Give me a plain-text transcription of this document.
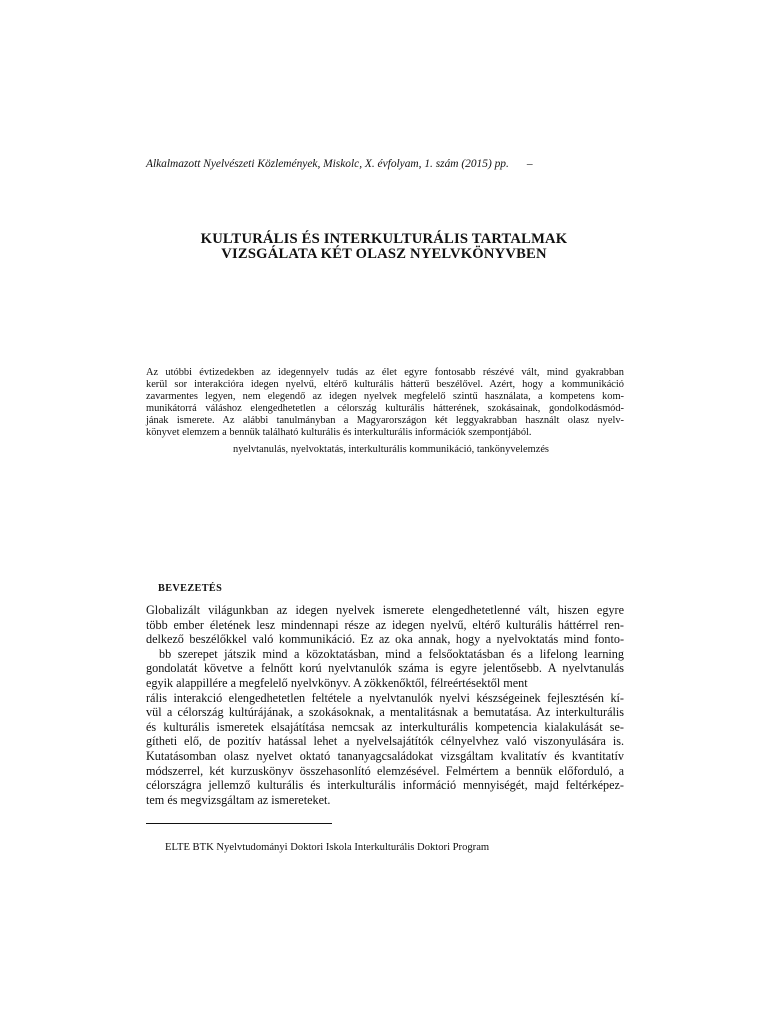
Alkalmazott Nyelvészeti Közlemények, Miskolc, X. évfolyam, 1. szám (2015) pp. –
KULTURÁLIS ÉS INTERKULTURÁLIS TARTALMAK
VIZSGÁLATA KÉT OLASZ NYELVKÖNYVBEN
Az utóbbi évtizedekben az idegennyelv tudás az élet egyre fontosabb részévé vált, mind gyakrabban
kerül sor interakcióra idegen nyelvű, eltérő kulturális hátterű beszélővel. Azért, hogy a kommunikáció
zavarmentes legyen, nem elegendő az idegen nyelvek megfelelő szintű használata, a kompetens kom-
munikátorrá váláshoz elengedhetetlen a célország kulturális hátterének, szokásainak, gondolkodásmód-
jának ismerete. Az alábbi tanulmányban a Magyarországon két leggyakrabban használt olasz nyelv-
könyvet elemzem a bennük található kulturális és interkulturális információk szempontjából.
nyelvtanulás, nyelvoktatás, interkulturális kommunikáció, tankönyvelemzés
BEVEZETÉS
Globalizált világunkban az idegen nyelvek ismerete elengedhetetlenné vált, hiszen egyre
több ember életének lesz mindennapi része az idegen nyelvű, eltérő kulturális háttérrel ren-
delkező beszélőkkel való kommunikáció. Ez az oka annak, hogy a nyelvoktatás mind fonto-
bb szerepet játszik mind a közoktatásban, mind a felsőoktatásban és a lifelong learning
gondolatát követve a felnőtt korú nyelvtanulók száma is egyre jelentősebb. A nyelvtanulás
egyik alappillére a megfelelő nyelvkönyv. A zökkenőktől, félreértésektől ment
rális interakció elengedhetetlen feltétele a nyelvtanulók nyelvi készségeinek fejlesztésén kí-
vül a célország kultúrájának, a szokásoknak, a mentalitásnak a bemutatása. Az interkulturális
és kulturális ismeretek elsajátítása nemcsak az interkulturális kompetencia kialakulását se-
gítheti elő, de pozitív hatással lehet a nyelvelsajátítók célnyelvhez való viszonyulására is.
Kutatásomban olasz nyelvet oktató tananyagcsaládokat vizsgáltam kvalitatív és kvantitatív
módszerrel, két kurzuskönyv összehasonlító elemzésével. Felmértem a bennük előforduló, a
célországra jellemző kulturális és interkulturális információ mennyiségét, majd feltérképez-
tem és megvizsgáltam az ismereteket.
ELTE BTK Nyelvtudományi Doktori Iskola Interkulturális Doktori Program
